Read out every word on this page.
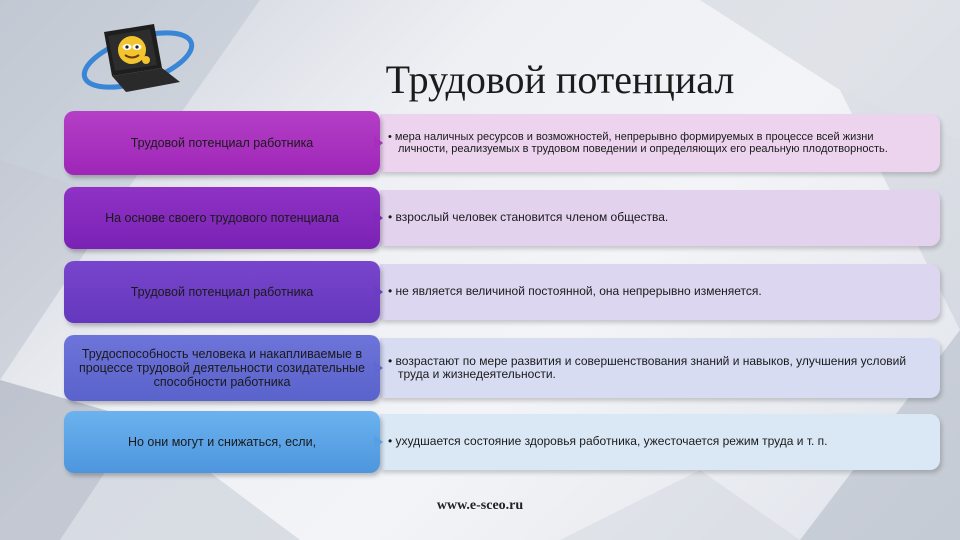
Трудовой потенциал
• мера наличных ресурсов и возможностей, непрерывно формируемых в процессе всей жизни личности, реализуемых в трудовом поведении и определяющих его реальную плодотворность.
Трудовой потенциал работника
• взрослый человек становится членом общества.
На основе своего трудового потенциала
• не является величиной постоянной, она непрерывно изменяется.
Трудовой потенциал работника
• возрастают по мере развития и совершенствования знаний и навыков, улучшения условий труда и жизнедеятельности.
Трудоспособность человека и накапливаемые в процессе трудовой деятельности созидательные способности работника
• ухудшается состояние здоровья работника, ужесточается режим труда и т. п.
Но они могут и снижаться, если,
www.e-sceo.ru
